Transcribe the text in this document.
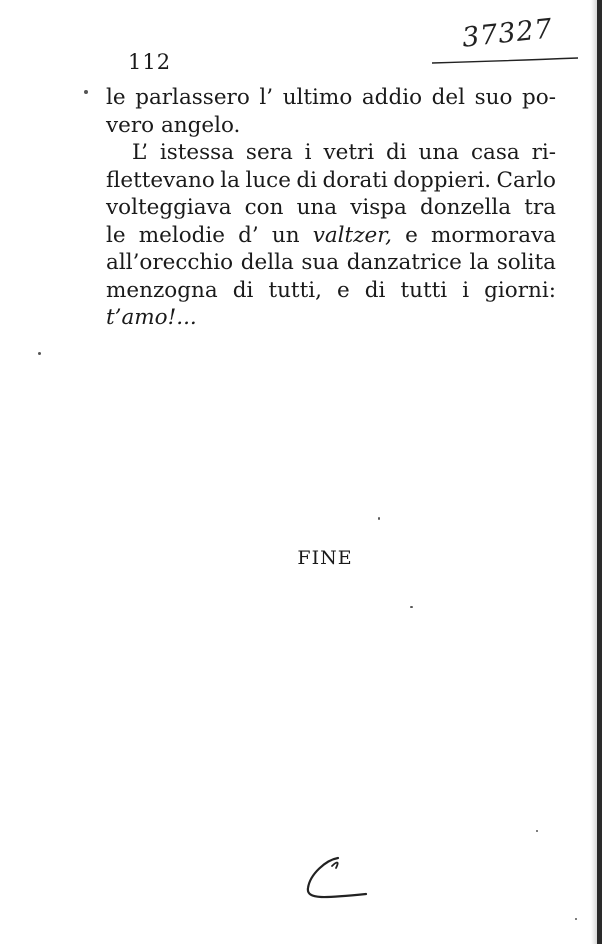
112
37327
le parlassero l’ ultimo addio del suo po-
vero
angelo.
L’ istessa sera i vetri di una casa ri-
flettevano la luce di dorati doppieri. Carlo
volteggiava con una vispa donzella tra
le melodie d’ un valtzer, e mormorava
all’orecchio della sua danzatrice la solita
menzogna di tutti, e di tutti i giorni:
t’amo!...
FINE
